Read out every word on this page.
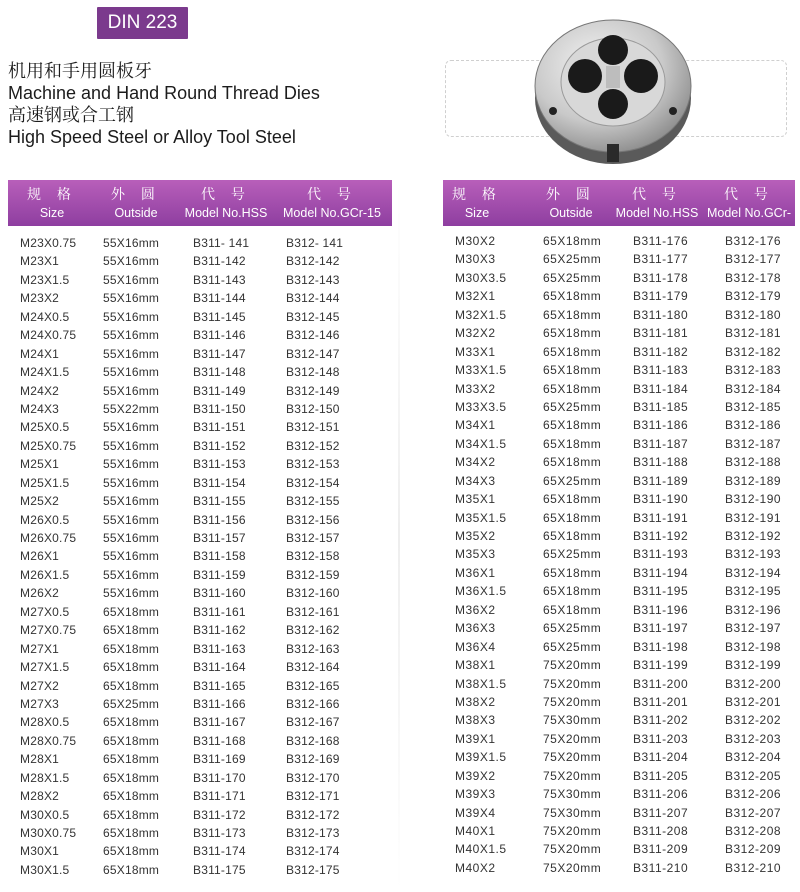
DIN 223
机用和手用圆板牙
Machine and Hand Round Thread Dies
高速钢或合工钢
High Speed Steel or Alloy Tool Steel
规 格
Size
外 圆
Outside
代 号
Model No.HSS
代 号
Model No.GCr-15
M23X0.75 55X16mm	B311- 141	B312- 141
M23X1	55X16mm	B311-142	B312-142
M23X1.5	55X16mm	B311-143	B312-143
M23X2	55X16mm	B311-144	B312-144
M24X0.5	55X16mm	B311-145	B312-145
M24X0.75 55X16mm	B311-146	B312-146
M24X1	55X16mm	B311-147	B312-147
M24X1.5	55X16mm	B311-148	B312-148
M24X2	55X16mm	B311-149	B312-149
M24X3	55X22mm	B311-150	B312-150
M25X0.5	55X16mm	B311-151	B312-151
M25X0.75 55X16mm	B311-152	B312-152
M25X1	55X16mm	B311-153	B312-153
M25X1.5	55X16mm	B311-154	B312-154
M25X2	55X16mm	B311-155	B312-155
M26X0.5	55X16mm	B311-156	B312-156
M26X0.75 55X16mm	B311-157	B312-157
M26X1	55X16mm	B311-158	B312-158
M26X1.5	55X16mm	B311-159	B312-159
M26X2	55X16mm	B311-160	B312-160
M27X0.5	65X18mm	B311-161	B312-161
M27X0.75 65X18mm	B311-162	B312-162
M27X1	65X18mm	B311-163	B312-163
M27X1.5	65X18mm	B311-164	B312-164
M27X2	65X18mm	B311-165	B312-165
M27X3	65X25mm	B311-166	B312-166
M28X0.5	65X18mm	B311-167	B312-167
M28X0.75 65X18mm	B311-168	B312-168
M28X1	65X18mm	B311-169	B312-169
M28X1.5	65X18mm	B311-170	B312-170
M28X2	65X18mm	B311-171	B312-171
M30X0.5	65X18mm	B311-172	B312-172
M30X0.75 65X18mm	B311-173	B312-173
M30X1	65X18mm	B311-174	B312-174
M30X1.5	65X18mm	B311-175	B312-175
规 格
Size
外 圆
Outside
代 号
Model No.HSS
代 号
Model No.GCr-15
M30X2	65X18mm	B311-176	B312-176
M30X3	65X25mm	B311-177	B312-177
M30X3.5	65X25mm	B311-178	B312-178
M32X1	65X18mm	B311-179	B312-179
M32X1.5	65X18mm	B311-180	B312-180
M32X2	65X18mm	B311-181	B312-181
M33X1	65X18mm	B311-182	B312-182
M33X1.5	65X18mm	B311-183	B312-183
M33X2	65X18mm	B311-184	B312-184
M33X3.5	65X25mm	B311-185	B312-185
M34X1	65X18mm	B311-186	B312-186
M34X1.5	65X18mm	B311-187	B312-187
M34X2	65X18mm	B311-188	B312-188
M34X3	65X25mm	B311-189	B312-189
M35X1	65X18mm	B311-190	B312-190
M35X1.5	65X18mm	B311-191	B312-191
M35X2	65X18mm	B311-192	B312-192
M35X3	65X25mm	B311-193	B312-193
M36X1	65X18mm	B311-194	B312-194
M36X1.5	65X18mm	B311-195	B312-195
M36X2	65X18mm	B311-196	B312-196
M36X3	65X25mm	B311-197	B312-197
M36X4	65X25mm	B311-198	B312-198
M38X1	75X20mm	B311-199	B312-199
M38X1.5	75X20mm	B311-200	B312-200
M38X2	75X20mm	B311-201	B312-201
M38X3	75X30mm	B311-202	B312-202
M39X1	75X20mm	B311-203	B312-203
M39X1.5	75X20mm	B311-204	B312-204
M39X2	75X20mm	B311-205	B312-205
M39X3	75X30mm	B311-206	B312-206
M39X4	75X30mm	B311-207	B312-207
M40X1	75X20mm	B311-208	B312-208
M40X1.5	75X20mm	B311-209	B312-209
M40X2	75X20mm	B311-210	B312-210
